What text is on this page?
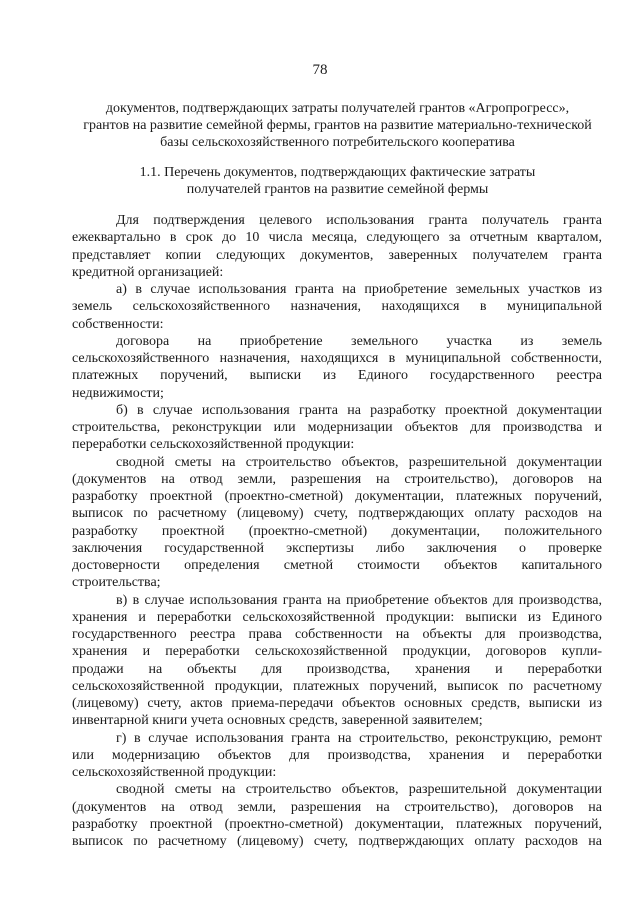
78
документов, подтверждающих затраты получателей грантов «Агропрогресс»,
грантов на развитие семейной фермы, грантов на развитие материально-технической
базы сельскохозяйственного потребительского кооператива
1.1. Перечень документов, подтверждающих фактические затраты
получателей грантов на развитие семейной фермы
Для подтверждения целевого использования гранта получатель гранта
ежеквартально в срок до 10 числа месяца, следующего за отчетным кварталом,
представляет копии следующих документов, заверенных получателем гранта
кредитной организацией:
а) в случае использования гранта на приобретение земельных участков из
земель сельскохозяйственного назначения, находящихся в муниципальной
собственности:
договора на приобретение земельного участка из земель
сельскохозяйственного назначения, находящихся в муниципальной собственности,
платежных поручений, выписки из Единого государственного реестра
недвижимости;
б) в случае использования гранта на разработку проектной документации
строительства, реконструкции или модернизации объектов для производства и
переработки сельскохозяйственной продукции:
сводной сметы на строительство объектов, разрешительной документации
(документов на отвод земли, разрешения на строительство), договоров на
разработку проектной (проектно-сметной) документации, платежных поручений,
выписок по расчетному (лицевому) счету, подтверждающих оплату расходов на
разработку проектной (проектно-сметной) документации, положительного
заключения государственной экспертизы либо заключения о проверке
достоверности определения сметной стоимости объектов капитального
строительства;
в) в случае использования гранта на приобретение объектов для производства,
хранения и переработки сельскохозяйственной продукции: выписки из Единого
государственного реестра права собственности на объекты для производства,
хранения и переработки сельскохозяйственной продукции, договоров купли-
продажи на объекты для производства, хранения и переработки
сельскохозяйственной продукции, платежных поручений, выписок по расчетному
(лицевому) счету, актов приема-передачи объектов основных средств, выписки из
инвентарной книги учета основных средств, заверенной заявителем;
г) в случае использования гранта на строительство, реконструкцию, ремонт
или модернизацию объектов для производства, хранения и переработки
сельскохозяйственной продукции:
сводной сметы на строительство объектов, разрешительной документации
(документов на отвод земли, разрешения на строительство), договоров на
разработку проектной (проектно-сметной) документации, платежных поручений,
выписок по расчетному (лицевому) счету, подтверждающих оплату расходов на
